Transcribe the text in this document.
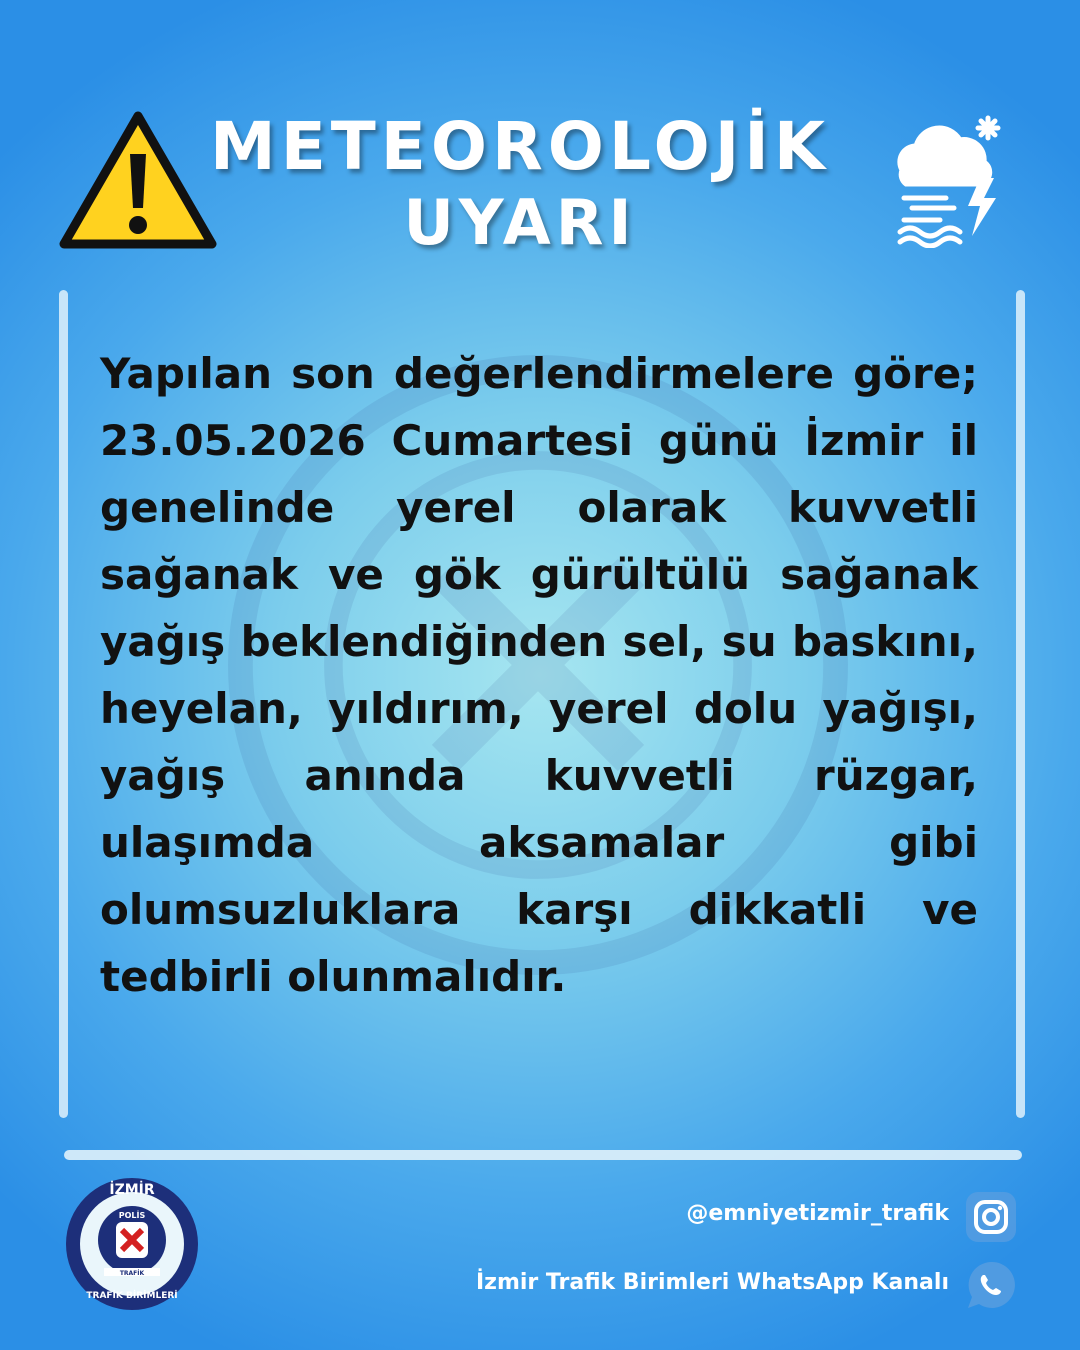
METEOROLOJİK
UYARI
Yapılan son değerlendirmelere göre; 23.05.2026 Cumartesi günü İzmir il genelinde yerel olarak kuvvetli sağanak ve gök gürültülü sağanak yağış beklendiğinden sel, su baskını, heyelan, yıldırım, yerel dolu yağışı, yağış anında kuvvetli rüzgar, ulaşımda aksamalar gibi olumsuzluklara karşı dikkatli ve tedbirli olunmalıdır.
İZMİR
POLİS
TRAFİK
TRAFİK BİRİMLERİ
@emniyetizmir_trafik
İzmir Trafik Birimleri WhatsApp Kanalı
